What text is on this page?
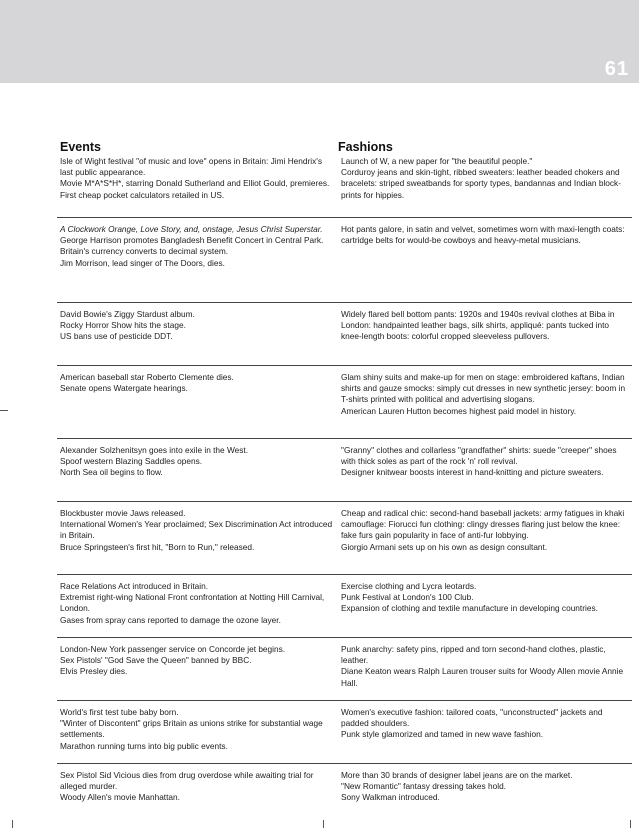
61
Events	Fashions
Isle of Wight festival "of music and love" opens in Britain: Jimi Hendrix's last public appearance.
Movie M*A*S*H*, starring Donald Sutherland and Elliot Gould, premieres.
First cheap pocket calculators retailed in US.
Launch of W, a new paper for "the beautiful people."
Corduroy jeans and skin-tight, ribbed sweaters: leather beaded chokers and bracelets: striped sweatbands for sporty types, bandannas and Indian block-prints for hippies.
A Clockwork Orange, Love Story, and, onstage, Jesus Christ Superstar.
George Harrison promotes Bangladesh Benefit Concert in Central Park.
Britain's currency converts to decimal system.
Jim Morrison, lead singer of The Doors, dies.
Hot pants galore, in satin and velvet, sometimes worn with maxi-length coats: cartridge belts for would-be cowboys and heavy-metal musicians.
David Bowie's Ziggy Stardust album.
Rocky Horror Show hits the stage.
US bans use of pesticide DDT.
Widely flared bell bottom pants: 1920s and 1940s revival clothes at Biba in London: handpainted leather bags, silk shirts, appliqué: pants tucked into knee-length boots: colorful cropped sleeveless pullovers.
American baseball star Roberto Clemente dies.
Senate opens Watergate hearings.
Glam shiny suits and make-up for men on stage: embroidered kaftans, Indian shirts and gauze smocks: simply cut dresses in new synthetic jersey: boom in T-shirts printed with political and advertising slogans.
American Lauren Hutton becomes highest paid model in history.
Alexander Solzhenitsyn goes into exile in the West.
Spoof western Blazing Saddles opens.
North Sea oil begins to flow.
"Granny" clothes and collarless "grandfather" shirts: suede "creeper" shoes with thick soles as part of the rock 'n' roll revival.
Designer knitwear boosts interest in hand-knitting and picture sweaters.
Blockbuster movie Jaws released.
International Women's Year proclaimed; Sex Discrimination Act introduced in Britain.
Bruce Springsteen's first hit, "Born to Run," released.
Cheap and radical chic: second-hand baseball jackets: army fatigues in khaki camouflage: Fiorucci fun clothing: clingy dresses flaring just below the knee: fake furs gain popularity in face of anti-fur lobbying.
Giorgio Armani sets up on his own as design consultant.
Race Relations Act introduced in Britain.
Extremist right-wing National Front confrontation at Notting Hill Carnival, London.
Gases from spray cans reported to damage the ozone layer.
Exercise clothing and Lycra leotards.
Punk Festival at London's 100 Club.
Expansion of clothing and textile manufacture in developing countries.
London-New York passenger service on Concorde jet begins.
Sex Pistols' "God Save the Queen" banned by BBC.
Elvis Presley dies.
Punk anarchy: safety pins, ripped and torn second-hand clothes, plastic, leather.
Diane Keaton wears Ralph Lauren trouser suits for Woody Allen movie Annie Hall.
World's first test tube baby born.
"Winter of Discontent" grips Britain as unions strike for substantial wage settlements.
Marathon running turns into big public events.
Women's executive fashion: tailored coats, "unconstructed" jackets and padded shoulders.
Punk style glamorized and tamed in new wave fashion.
Sex Pistol Sid Vicious dies from drug overdose while awaiting trial for alleged murder.
Woody Allen's movie Manhattan.
More than 30 brands of designer label jeans are on the market.
"New Romantic" fantasy dressing takes hold.
Sony Walkman introduced.
